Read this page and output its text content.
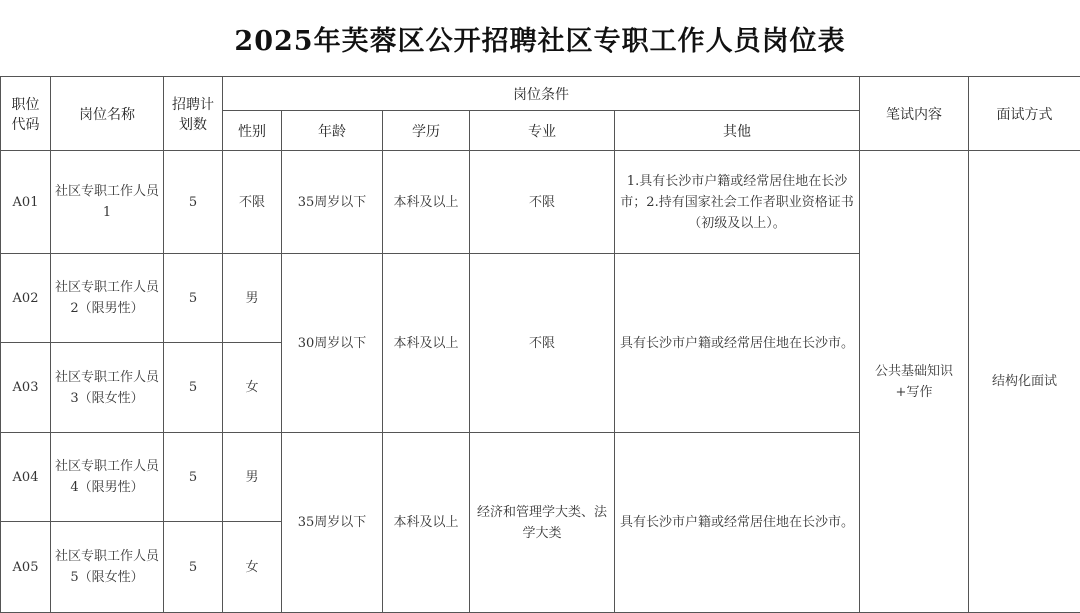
2025年芙蓉区公开招聘社区专职工作人员岗位表
职位代码	岗位名称	招聘计划数	岗位条件					笔试内容	面试方式
			性别	年龄	学历	专业	其他		
A01	社区专职工作人员1	5	不限	35周岁以下	本科及以上	不限	1.具有长沙市户籍或经常居住地在长沙市；2.持有国家社会工作者职业资格证书（初级及以上）。	公共基础知识+写作	结构化面试
A02	社区专职工作人员2（限男性）	5	男	30周岁以下	本科及以上	不限	具有长沙市户籍或经常居住地在长沙市。		
A03	社区专职工作人员3（限女性）	5	女						
A04	社区专职工作人员4（限男性）	5	男	35周岁以下	本科及以上	经济和管理学大类、法学大类	具有长沙市户籍或经常居住地在长沙市。		
A05	社区专职工作人员5（限女性）	5	女						
